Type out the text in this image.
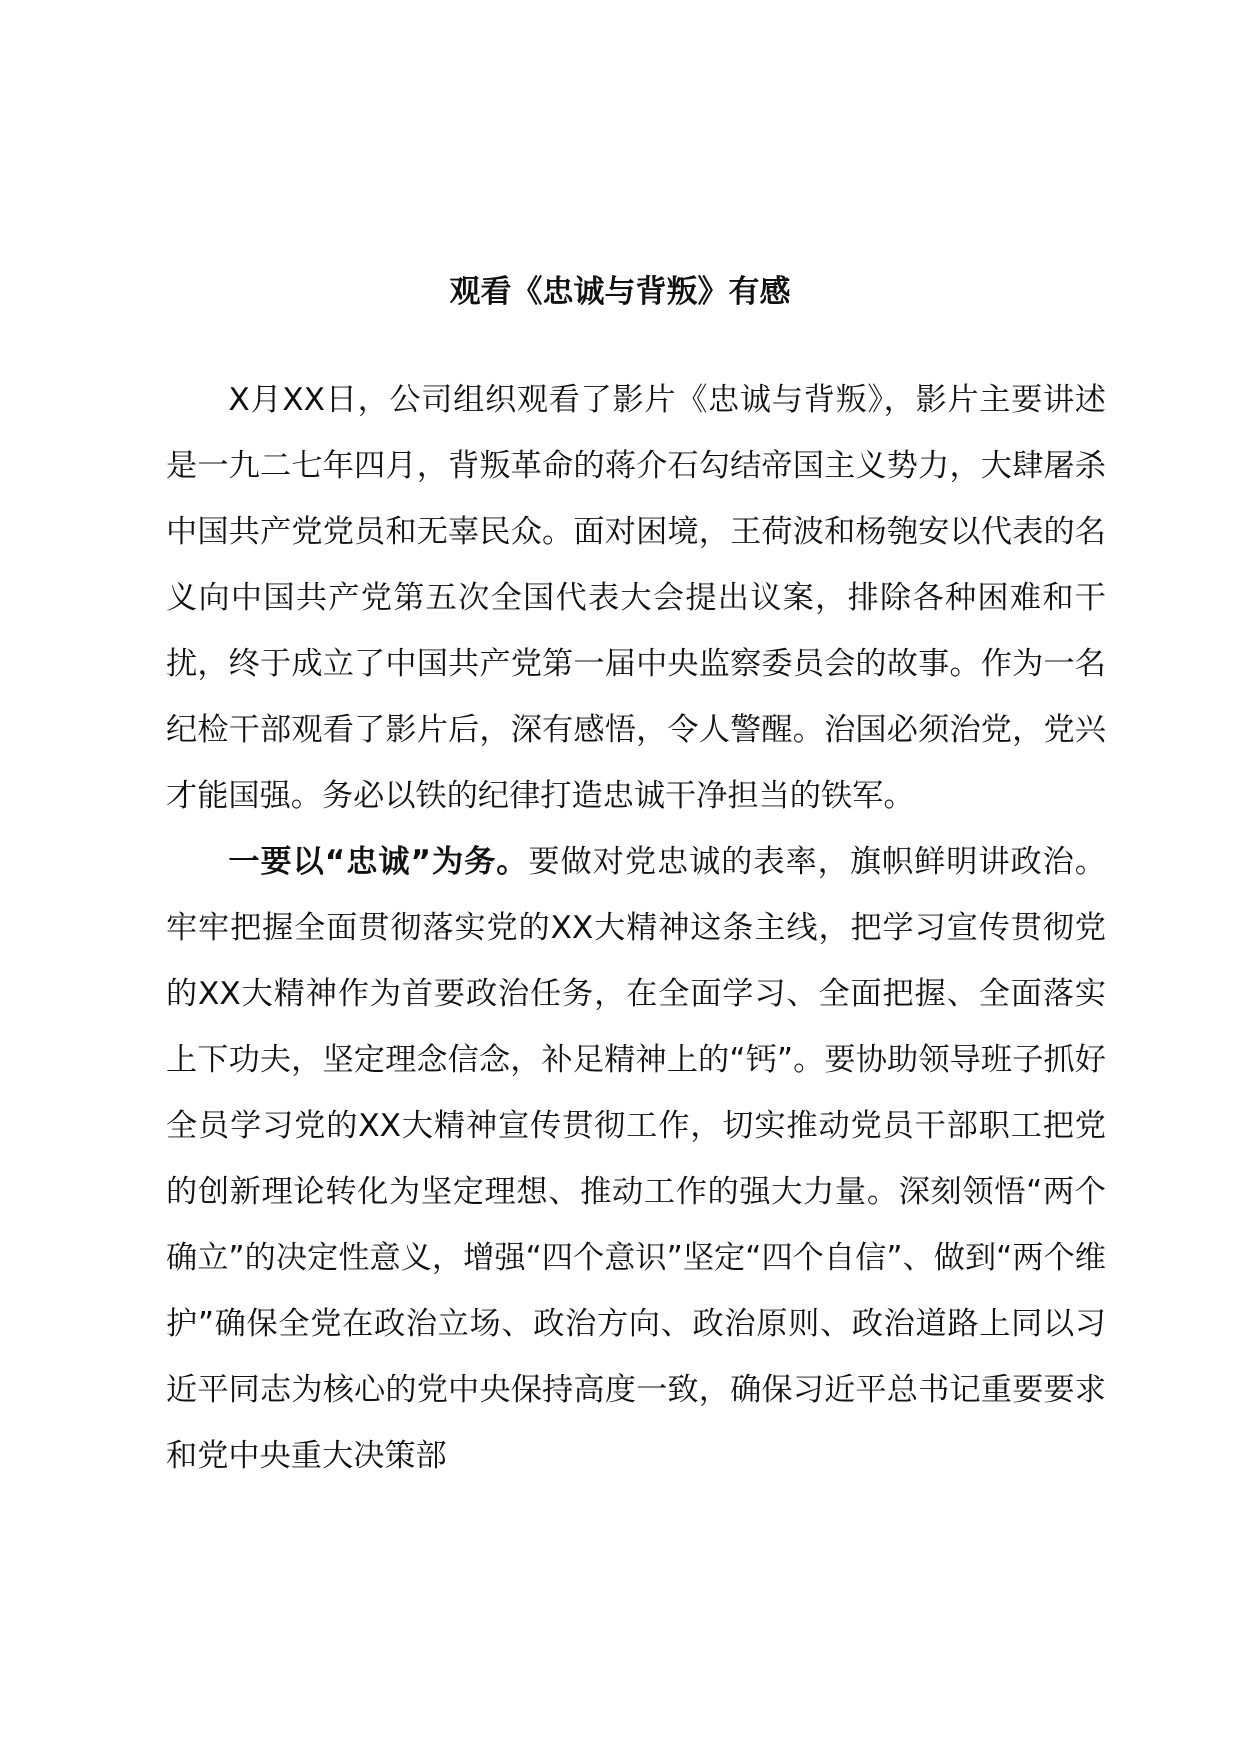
观看《忠诚与背叛》有感

X月XX日，公司组织观看了影片《忠诚与背叛》，影片主要讲述是一九二七年四月，背叛革命的蒋介石勾结帝国主义势力，大肆屠杀中国共产党党员和无辜民众。面对困境，王荷波和杨匏安以代表的名义向中国共产党第五次全国代表大会提出议案，排除各种困难和干扰，终于成立了中国共产党第一届中央监察委员会的故事。作为一名纪检干部观看了影片后，深有感悟，令人警醒。治国必须治党，党兴才能国强。务必以铁的纪律打造忠诚干净担当的铁军。

一要以“忠诚”为务。要做对党忠诚的表率，旗帜鲜明讲政治。牢牢把握全面贯彻落实党的XX大精神这条主线，把学习宣传贯彻党的XX大精神作为首要政治任务，在全面学习、全面把握、全面落实上下功夫，坚定理念信念，补足精神上的“钙”。要协助领导班子抓好全员学习党的XX大精神宣传贯彻工作，切实推动党员干部职工把党的创新理论转化为坚定理想、推动工作的强大力量。深刻领悟“两个确立”的决定性意义，增强“四个意识”坚定“四个自信”、做到“两个维护”确保全党在政治立场、政治方向、政治原则、政治道路上同以习近平同志为核心的党中央保持高度一致，确保习近平总书记重要要求和党中央重大决策部
